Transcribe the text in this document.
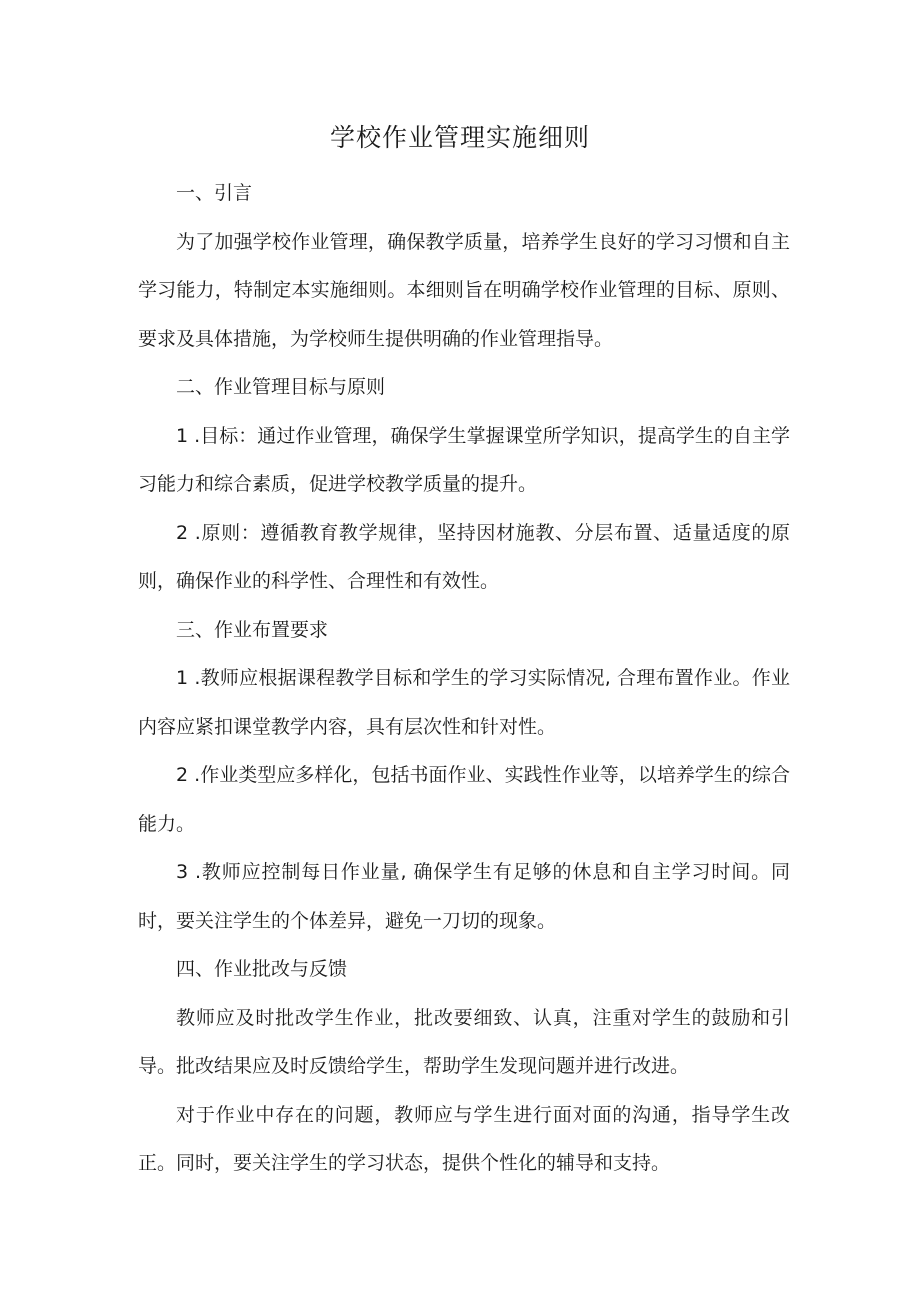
学校作业管理实施细则

一、引言

为了加强学校作业管理，确保教学质量，培养学生良好的学习习惯和自主学习能力，特制定本实施细则。本细则旨在明确学校作业管理的目标、原则、要求及具体措施，为学校师生提供明确的作业管理指导。

二、作业管理目标与原则

1 .目标：通过作业管理，确保学生掌握课堂所学知识，提高学生的自主学习能力和综合素质，促进学校教学质量的提升。

2 .原则：遵循教育教学规律，坚持因材施教、分层布置、适量适度的原则，确保作业的科学性、合理性和有效性。

三、作业布置要求

1 .教师应根据课程教学目标和学生的学习实际情况, 合理布置作业。作业内容应紧扣课堂教学内容，具有层次性和针对性。

2 .作业类型应多样化，包括书面作业、实践性作业等，以培养学生的综合能力。

3 .教师应控制每日作业量, 确保学生有足够的休息和自主学习时间。同时，要关注学生的个体差异，避免一刀切的现象。

四、作业批改与反馈

教师应及时批改学生作业，批改要细致、认真，注重对学生的鼓励和引导。批改结果应及时反馈给学生，帮助学生发现问题并进行改进。

对于作业中存在的问题，教师应与学生进行面对面的沟通，指导学生改正。同时，要关注学生的学习状态，提供个性化的辅导和支持。
